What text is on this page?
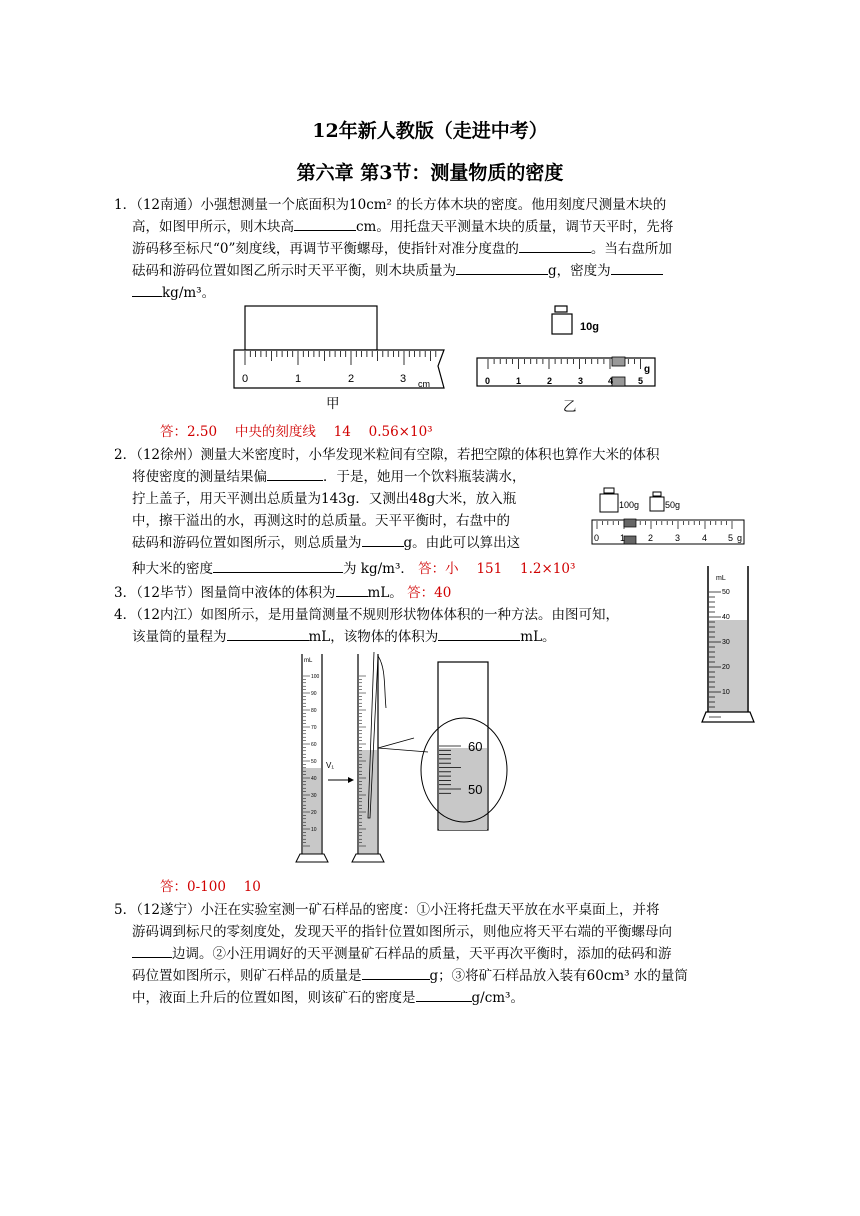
12年新人教版（走进中考）
第六章 第3节：测量物质的密度
1．（12南通）小强想测量一个底面积为10cm² 的长方体木块的密度。他用刻度尺测量木块的
高，如图甲所示，则木块高	cm。用托盘天平测量木块的质量，调节天平时，先将
游码移至标尺“0”刻度线，再调节平衡螺母，使指针对准分度盘的	。当右盘所加
砝码和游码位置如图乙所示时天平平衡，则木块质量为	g，密度为
kg/m³。
0	1	2	3 cm
甲
10g
0	1	2	3	4	5
g
乙
答：2.50　 中央的刻度线　 14　 0.56×10³
2．（12徐州）测量大米密度时，小华发现米粒间有空隙，若把空隙的体积也算作大米的体积
将使密度的测量结果偏	．于是，她用一个饮料瓶装满水，
拧上盖子，用天平测出总质量为143g．又测出48g大米，放入瓶
中，擦干溢出的水，再测这时的总质量。天平平衡时，右盘中的
砝码和游码位置如图所示，则总质量为	g。由此可以算出这
种大米的密度	为 kg/m³． 答：小　 151　 1.2×10³
100g	50g
0 1	2 3 4 5 g
3．（12毕节）图量筒中液体的体积为 mL。 答：40
mL
50
40
30
20
10
4．（12内江）如图所示，是用量筒测量不规则形状物体体积的一种方法。由图可知，
该量筒的量程为	mL，该物体的体积为	mL。
mL
100
90
80
70
60
50
40
30
20
10
V₁
60
50
答：0-100　 10
5．（12遂宁）小汪在实验室测一矿石样品的密度：①小汪将托盘天平放在水平桌面上，并将
游码调到标尺的零刻度处，发现天平的指针位置如图所示，则他应将天平右端的平衡螺母向
边调。②小汪用调好的天平测量矿石样品的质量，天平再次平衡时，添加的砝码和游
码位置如图所示，则矿石样品的质量是	g；③将矿石样品放入装有60cm³ 水的量筒
中，液面上升后的位置如图，则该矿石的密度是	g/cm³。
